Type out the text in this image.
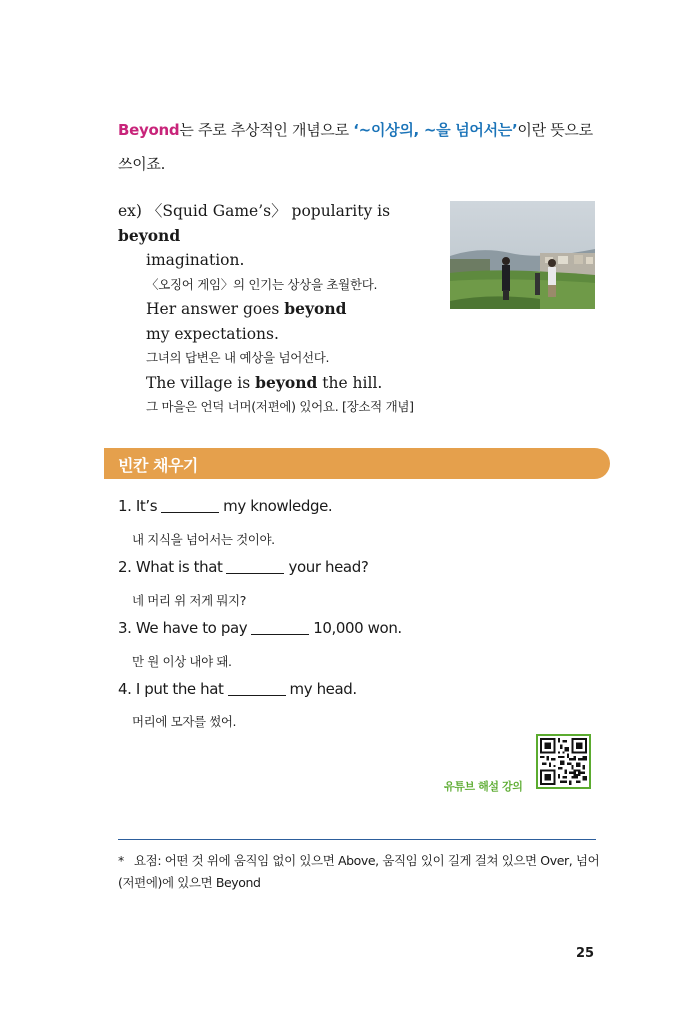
Beyond는 주로 추상적인 개념으로 ‘~이상의, ~을 넘어서는’이란 뜻으로 쓰이죠.
ex) 〈Squid Game’s〉 popularity is beyond
imagination.
〈오징어 게임〉의 인기는 상상을 초월한다.
Her answer goes beyond
my expectations.
그녀의 답변은 내 예상을 넘어선다.
The village is beyond the hill.
그 마을은 언덕 너머(저편에) 있어요. [장소적 개념]
빈칸 채우기
1. It’s	my knowledge.
내 지식을 넘어서는 것이야.
2. What is that	your head?
네 머리 위 저게 뭐지?
3. We have to pay	10,000 won.
만 원 이상 내야 돼.
4. I put the hat	my head.
머리에 모자를 썼어.
유튜브 해설 강의
* 요점: 어떤 것 위에 움직임 없이 있으면 Above, 움직임 있이 길게 걸쳐 있으면 Over, 넘어(저편에)에 있으면 Beyond
25
